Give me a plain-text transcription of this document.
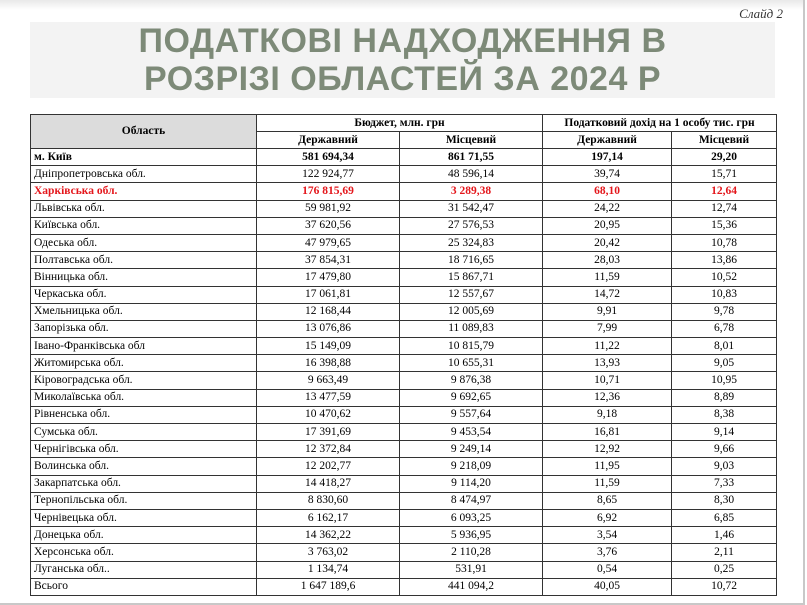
Слайд 2
ПОДАТКОВІ НАДХОДЖЕННЯ В
РОЗРІЗІ ОБЛАСТЕЙ ЗА 2024 Р
Область	Бюджет, млн. грн		Податковий дохід на 1 особу тис. грн	
	Державний	Місцевий	Державний	Місцевий
м. Київ	581 694,34	861 71,55	197,14	29,20
Дніпропетровська обл.	122 924,77	48 596,14	39,74	15,71
Харківська обл.	176 815,69	3 289,38	68,10	12,64
Львівська обл.	59 981,92	31 542,47	24,22	12,74
Київська обл.	37 620,56	27 576,53	20,95	15,36
Одеська обл.	47 979,65	25 324,83	20,42	10,78
Полтавська обл.	37 854,31	18 716,65	28,03	13,86
Вінницька обл.	17 479,80	15 867,71	11,59	10,52
Черкаська обл.	17 061,81	12 557,67	14,72	10,83
Хмельницька обл.	12 168,44	12 005,69	9,91	9,78
Запорізька обл.	13 076,86	11 089,83	7,99	6,78
Івано-Франківська обл	15 149,09	10 815,79	11,22	8,01
Житомирська обл.	16 398,88	10 655,31	13,93	9,05
Кіровоградська обл.	9 663,49	9 876,38	10,71	10,95
Миколаївська обл.	13 477,59	9 692,65	12,36	8,89
Рівненська обл.	10 470,62	9 557,64	9,18	8,38
Сумська обл.	17 391,69	9 453,54	16,81	9,14
Чернігівська обл.	12 372,84	9 249,14	12,92	9,66
Волинська обл.	12 202,77	9 218,09	11,95	9,03
Закарпатська обл.	14 418,27	9 114,20	11,59	7,33
Тернопільська обл.	8 830,60	8 474,97	8,65	8,30
Чернівецька обл.	6 162,17	6 093,25	6,92	6,85
Донецька обл.	14 362,22	5 936,95	3,54	1,46
Херсонська обл.	3 763,02	2 110,28	3,76	2,11
Луганська обл..	1 134,74	531,91	0,54	0,25
Всього	1 647 189,6	441 094,2	40,05	10,72
